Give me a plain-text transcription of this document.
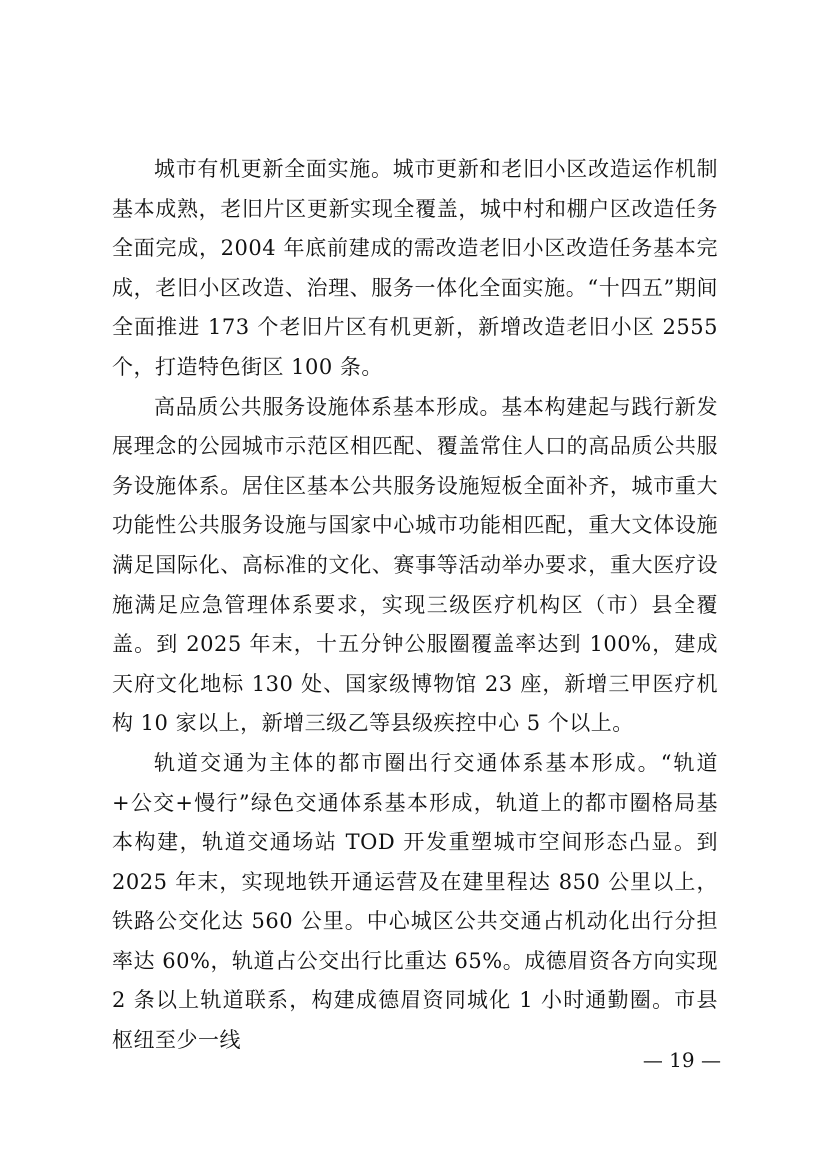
城市有机更新全面实施。城市更新和老旧小区改造运作机制基本成熟，老旧片区更新实现全覆盖，城中村和棚户区改造任务全面完成，2004 年底前建成的需改造老旧小区改造任务基本完成，老旧小区改造、治理、服务一体化全面实施。“十四五”期间全面推进 173 个老旧片区有机更新，新增改造老旧小区 2555 个，打造特色街区 100 条。

高品质公共服务设施体系基本形成。基本构建起与践行新发展理念的公园城市示范区相匹配、覆盖常住人口的高品质公共服务设施体系。居住区基本公共服务设施短板全面补齐，城市重大功能性公共服务设施与国家中心城市功能相匹配，重大文体设施满足国际化、高标准的文化、赛事等活动举办要求，重大医疗设施满足应急管理体系要求，实现三级医疗机构区（市）县全覆盖。到 2025 年末，十五分钟公服圈覆盖率达到 100%，建成天府文化地标 130 处、国家级博物馆 23 座，新增三甲医疗机构 10 家以上，新增三级乙等县级疾控中心 5 个以上。

轨道交通为主体的都市圈出行交通体系基本形成。“轨道+公交+慢行”绿色交通体系基本形成，轨道上的都市圈格局基本构建，轨道交通场站 TOD 开发重塑城市空间形态凸显。到 2025 年末，实现地铁开通运营及在建里程达 850 公里以上，铁路公交化达 560 公里。中心城区公共交通占机动化出行分担率达 60%，轨道占公交出行比重达 65%。成德眉资各方向实现 2 条以上轨道联系，构建成德眉资同城化 1 小时通勤圈。市县枢纽至少一线

— 19 —
